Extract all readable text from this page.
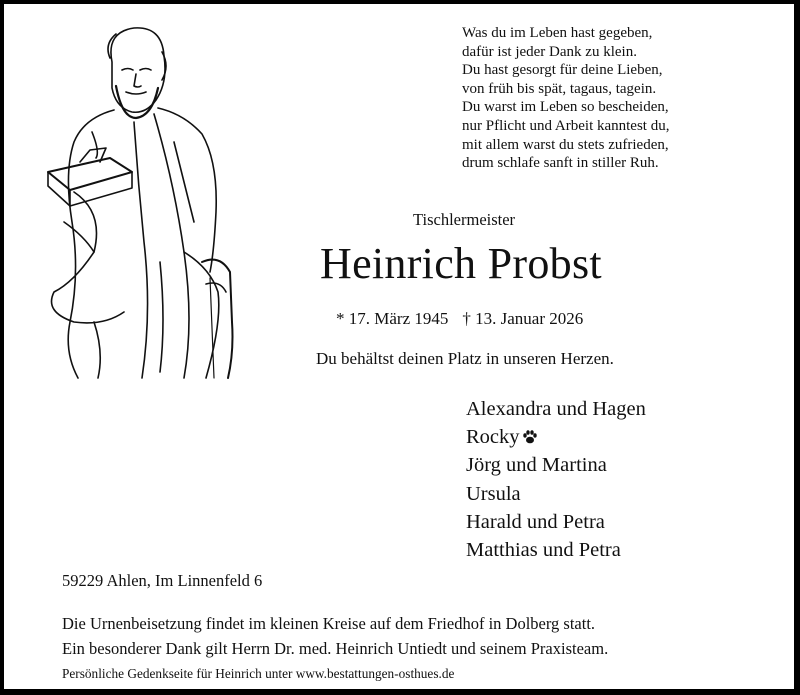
Was du im Leben hast gegeben,
dafür ist jeder Dank zu klein.
Du hast gesorgt für deine Lieben,
von früh bis spät, tagaus, tagein.
Du warst im Leben so bescheiden,
nur Pflicht und Arbeit kanntest du,
mit allem warst du stets zufrieden,
drum schlafe sanft in stiller Ruh.
Tischlermeister
Heinrich Probst
* 17. März 1945 † 13. Januar 2026
Du behältst deinen Platz in unseren Herzen.
Alexandra und Hagen
Rocky
Jörg und Martina
Ursula
Harald und Petra
Matthias und Petra
59229 Ahlen, Im Linnenfeld 6
Die Urnenbeisetzung findet im kleinen Kreise auf dem Friedhof in Dolberg statt.
Ein besonderer Dank gilt Herrn Dr. med. Heinrich Untiedt und seinem Praxisteam.
Persönliche Gedenkseite für Heinrich unter www.bestattungen-osthues.de
